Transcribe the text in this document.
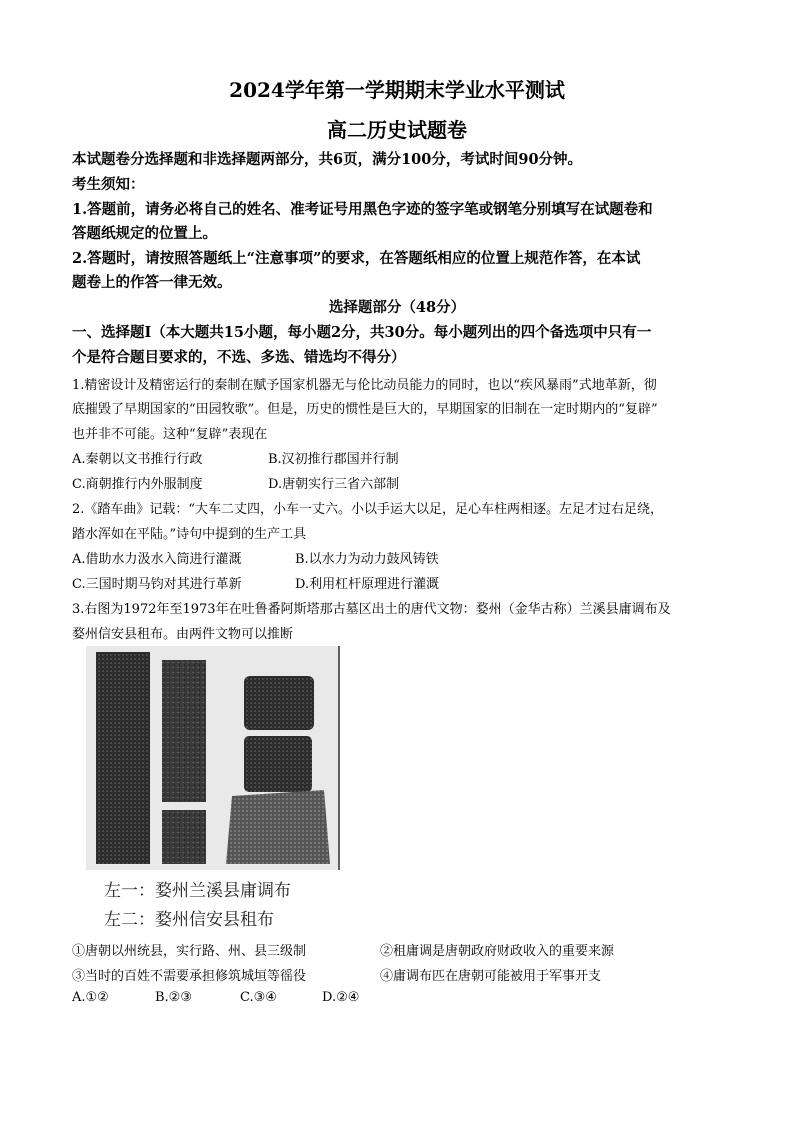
2024学年第一学期期末学业水平测试
高二历史试题卷
本试题卷分选择题和非选择题两部分，共6页，满分100分，考试时间90分钟。
考生须知：
1.答题前，请务必将自己的姓名、准考证号用黑色字迹的签字笔或钢笔分别填写在试题卷和
答题纸规定的位置上。
2.答题时，请按照答题纸上“注意事项”的要求，在答题纸相应的位置上规范作答，在本试
题卷上的作答一律无效。
选择题部分（48分）
一、选择题Ⅰ（本大题共15小题，每小题2分，共30分。每小题列出的四个备选项中只有一
个是符合题目要求的，不选、多选、错选均不得分）
1.精密设计及精密运行的秦制在赋予国家机器无与伦比动员能力的同时，也以“疾风暴雨”式地革新，彻
底摧毁了早期国家的“田园牧歌”。但是，历史的惯性是巨大的，早期国家的旧制在一定时期内的“复辟”
也并非不可能。这种“复辟”表现在
A.秦朝以文书推行行政	B.汉初推行郡国并行制
C.商朝推行内外服制度	D.唐朝实行三省六部制
2.《踏车曲》记载：“大车二丈四，小车一丈六。小以手运大以足，足心车柱两相逐。左足才过右足绕，
踏水浑如在平陆。”诗句中提到的生产工具
A.借助水力汲水入筒进行灌溉	B.以水力为动力鼓风铸铁
C.三国时期马钧对其进行革新	D.利用杠杆原理进行灌溉
3.右图为1972年至1973年在吐鲁番阿斯塔那古墓区出土的唐代文物：婺州（金华古称）兰溪县庸调布及
婺州信安县租布。由两件文物可以推断
左一：婺州兰溪县庸调布
左二：婺州信安县租布
①唐朝以州统县，实行路、州、县三级制	②租庸调是唐朝政府财政收入的重要来源
③当时的百姓不需要承担修筑城垣等徭役	④庸调布匹在唐朝可能被用于军事开支
A.①②	B.②③	C.③④	D.②④
